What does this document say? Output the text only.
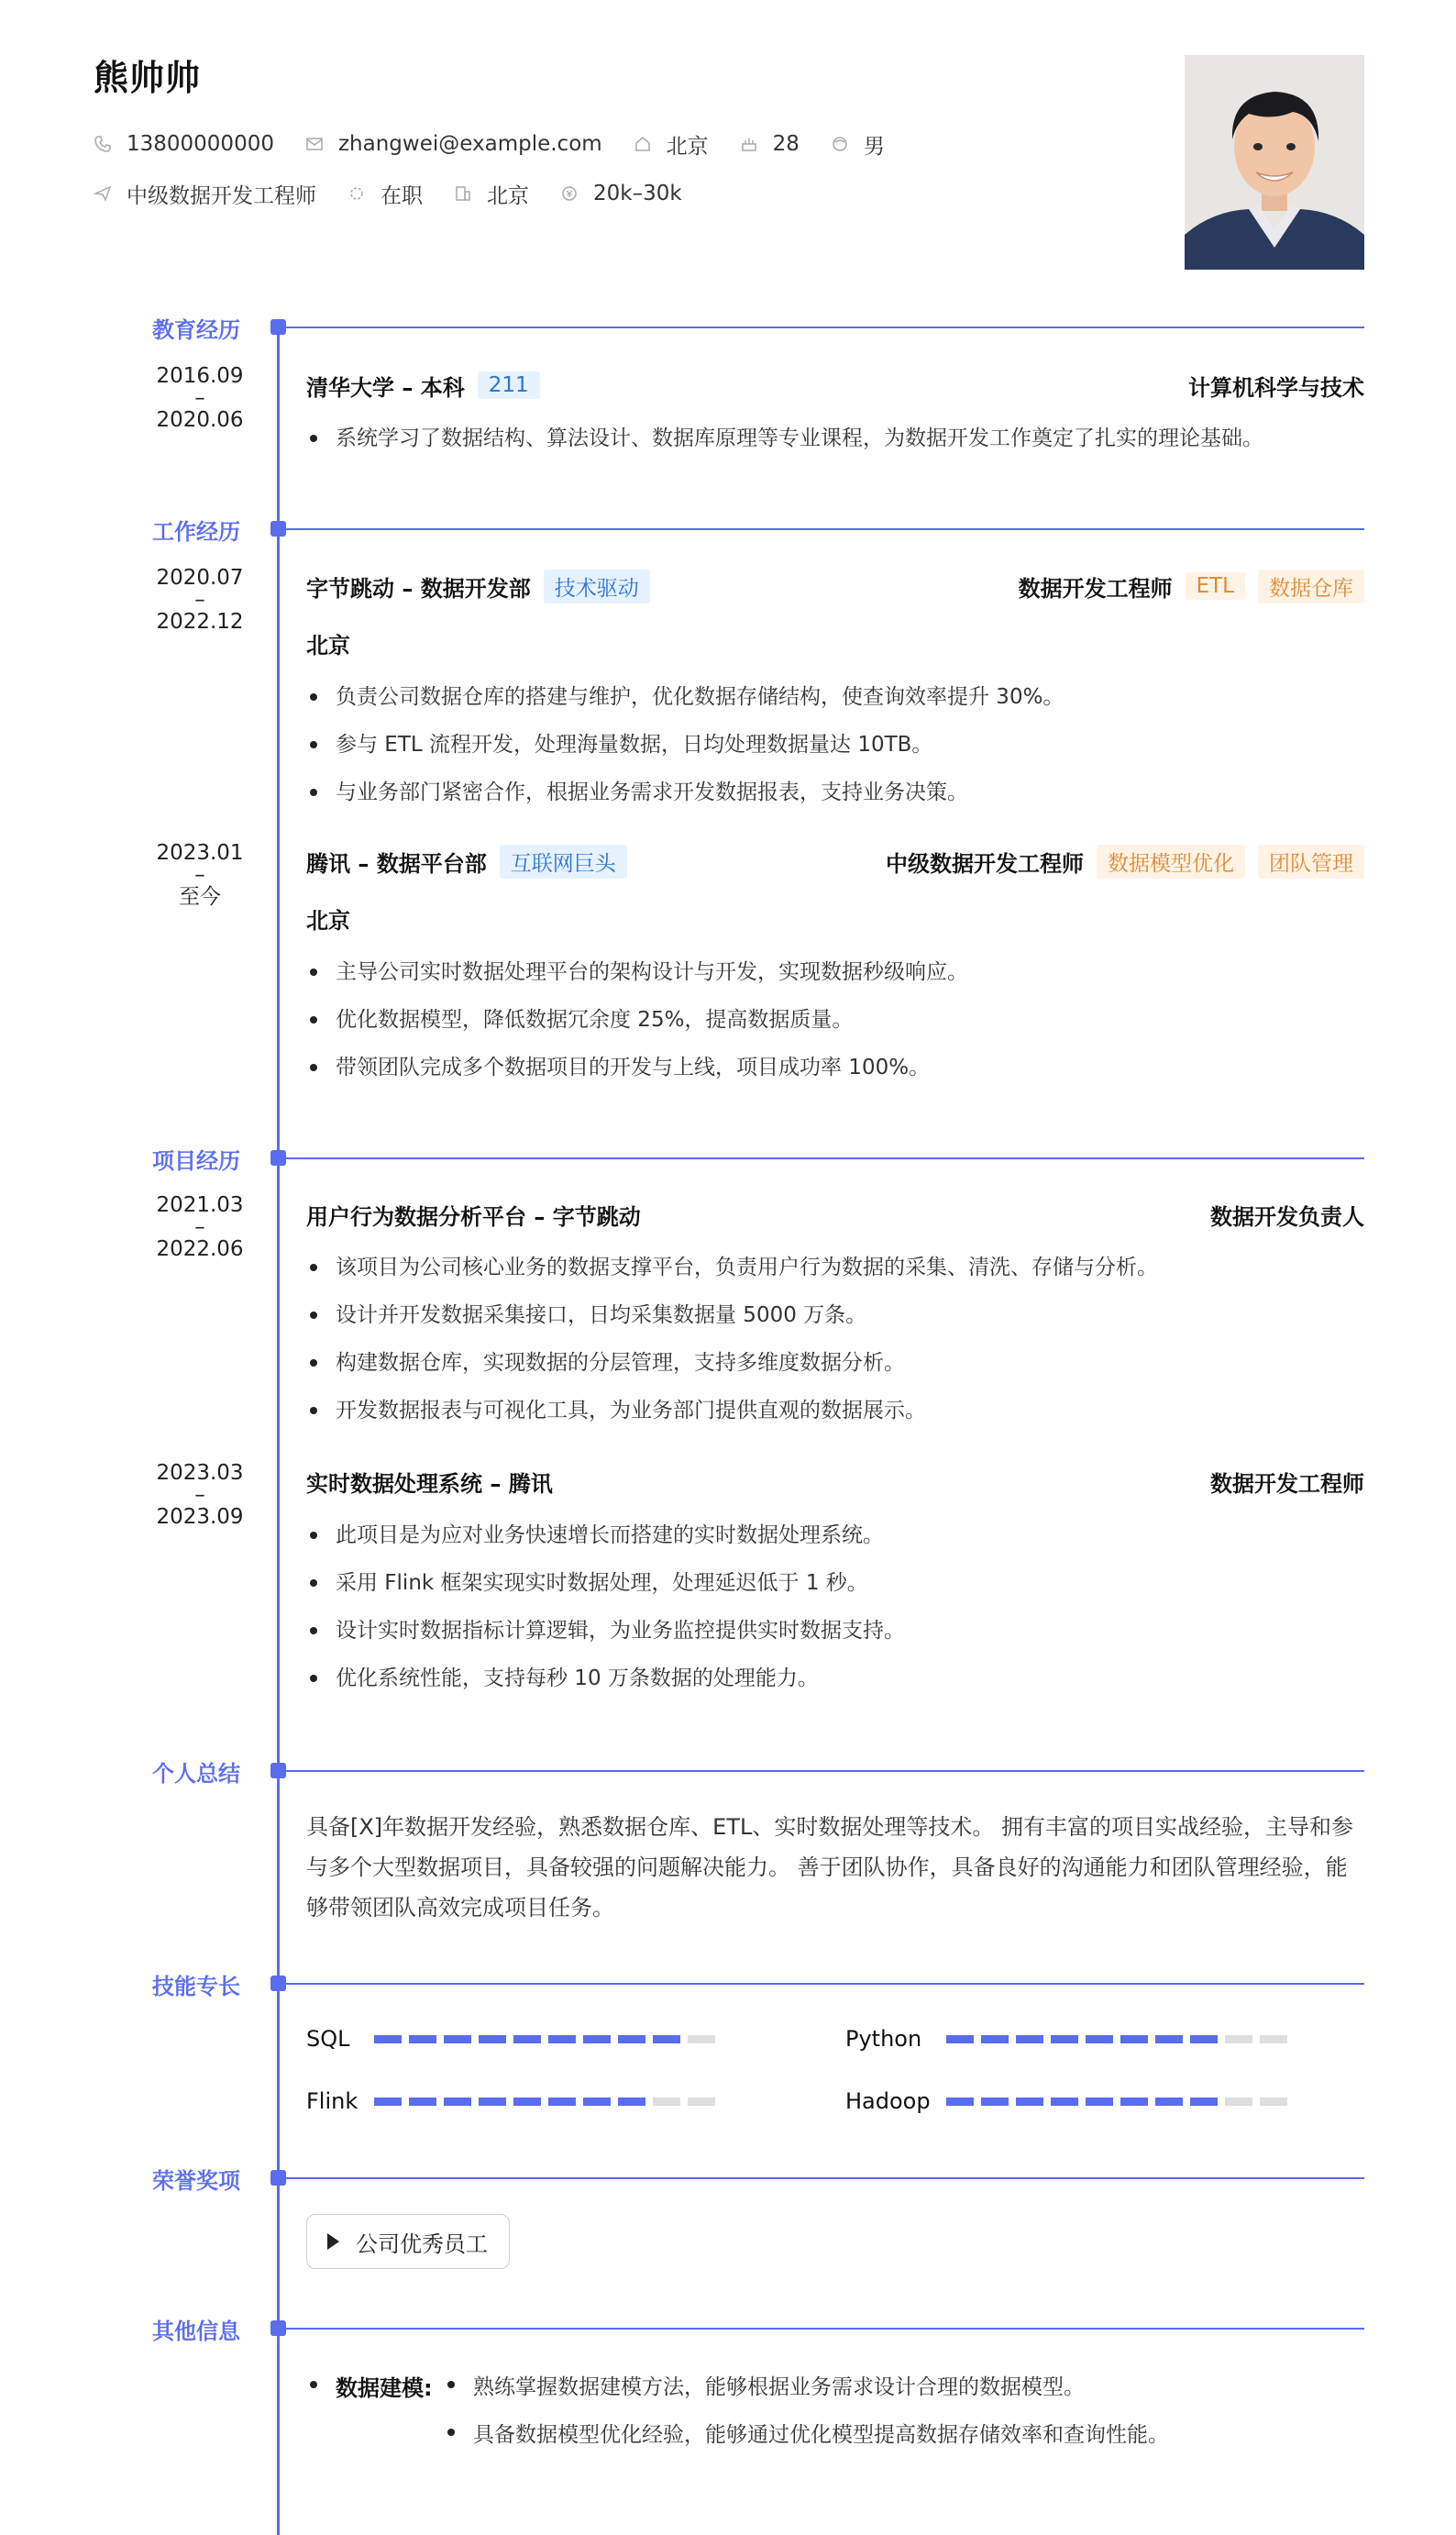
熊帅帅
13800000000	zhangwei@example.com	北京	28	男
中级数据开发工程师	在职	北京	20k–30k
教育经历
2016.09
–
2020.06
清华大学 – 本科	211	计算机科学与技术
系统学习了数据结构、算法设计、数据库原理等专业课程，为数据开发工作奠定了扎实的理论基础。
工作经历
2020.07
–
2022.12
字节跳动 – 数据开发部	技术驱动	数据开发工程师	ETL	数据仓库
北京
负责公司数据仓库的搭建与维护，优化数据存储结构，使查询效率提升 30%。
参与 ETL 流程开发，处理海量数据，日均处理数据量达 10TB。
与业务部门紧密合作，根据业务需求开发数据报表，支持业务决策。
2023.01
–
至今
腾讯 – 数据平台部	互联网巨头	中级数据开发工程师	数据模型优化	团队管理
北京
主导公司实时数据处理平台的架构设计与开发，实现数据秒级响应。
优化数据模型，降低数据冗余度 25%，提高数据质量。
带领团队完成多个数据项目的开发与上线，项目成功率 100%。
项目经历
2021.03
–
2022.06
用户行为数据分析平台 – 字节跳动	数据开发负责人
该项目为公司核心业务的数据支撑平台，负责用户行为数据的采集、清洗、存储与分析。
设计并开发数据采集接口，日均采集数据量 5000 万条。
构建数据仓库，实现数据的分层管理，支持多维度数据分析。
开发数据报表与可视化工具，为业务部门提供直观的数据展示。
2023.03
–
2023.09
实时数据处理系统 – 腾讯	数据开发工程师
此项目是为应对业务快速增长而搭建的实时数据处理系统。
采用 Flink 框架实现实时数据处理，处理延迟低于 1 秒。
设计实时数据指标计算逻辑，为业务监控提供实时数据支持。
优化系统性能，支持每秒 10 万条数据的处理能力。
个人总结
具备[X]年数据开发经验，熟悉数据仓库、ETL、实时数据处理等技术。 拥有丰富的项目实战经验，主导和参与多个大型数据项目，具备较强的问题解决能力。 善于团队协作，具备良好的沟通能力和团队管理经验，能够带领团队高效完成项目任务。
技能专长
SQL	Python
Flink	Hadoop
荣誉奖项
公司优秀员工
其他信息
数据建模: 熟练掌握数据建模方法，能够根据业务需求设计合理的数据模型。
具备数据模型优化经验，能够通过优化模型提高数据存储效率和查询性能。
